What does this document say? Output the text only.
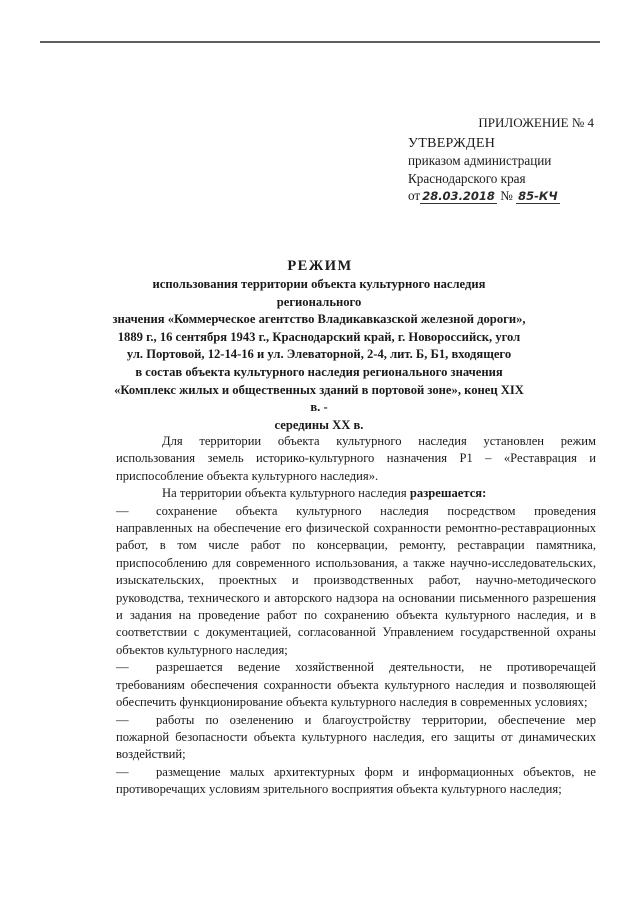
ПРИЛОЖЕНИЕ № 4
УТВЕРЖДЕН
приказом администрации
Краснодарского края
от 28.03.2018 № 85-КЧ
РЕЖИМ
использования территории объекта культурного наследия регионального
значения «Коммерческое агентство Владикавказской железной дороги»,
1889 г., 16 сентября 1943 г., Краснодарский край, г. Новороссийск, угол
ул. Портовой, 12-14-16 и ул. Элеваторной, 2-4, лит. Б, Б1, входящего
в состав объекта культурного наследия регионального значения
«Комплекс жилых и общественных зданий в портовой зоне», конец XIX в. -
середины XX в.

Для территории объекта культурного наследия установлен режим использования земель историко-культурного назначения Р1 – «Реставрация и приспособление объекта культурного наследия».

На территории объекта культурного наследия разрешается:

— сохранение объекта культурного наследия посредством проведения направленных на обеспечение его физической сохранности ремонтно-реставрационных работ, в том числе работ по консервации, ремонту, реставрации памятника, приспособлению для современного использования, а также научно-исследовательских, изыскательских, проектных и производственных работ, научно-методического руководства, технического и авторского надзора на основании письменного разрешения и задания на проведение работ по сохранению объекта культурного наследия, и в соответствии с документацией, согласованной Управлением государственной охраны объектов культурного наследия;

— разрешается ведение хозяйственной деятельности, не противоречащей требованиям обеспечения сохранности объекта культурного наследия и позволяющей обеспечить функционирование объекта культурного наследия в современных условиях;

— работы по озеленению и благоустройству территории, обеспечение мер пожарной безопасности объекта культурного наследия, его защиты от динамических воздействий;

— размещение малых архитектурных форм и информационных объектов, не противоречащих условиям зрительного восприятия объекта культурного наследия;
